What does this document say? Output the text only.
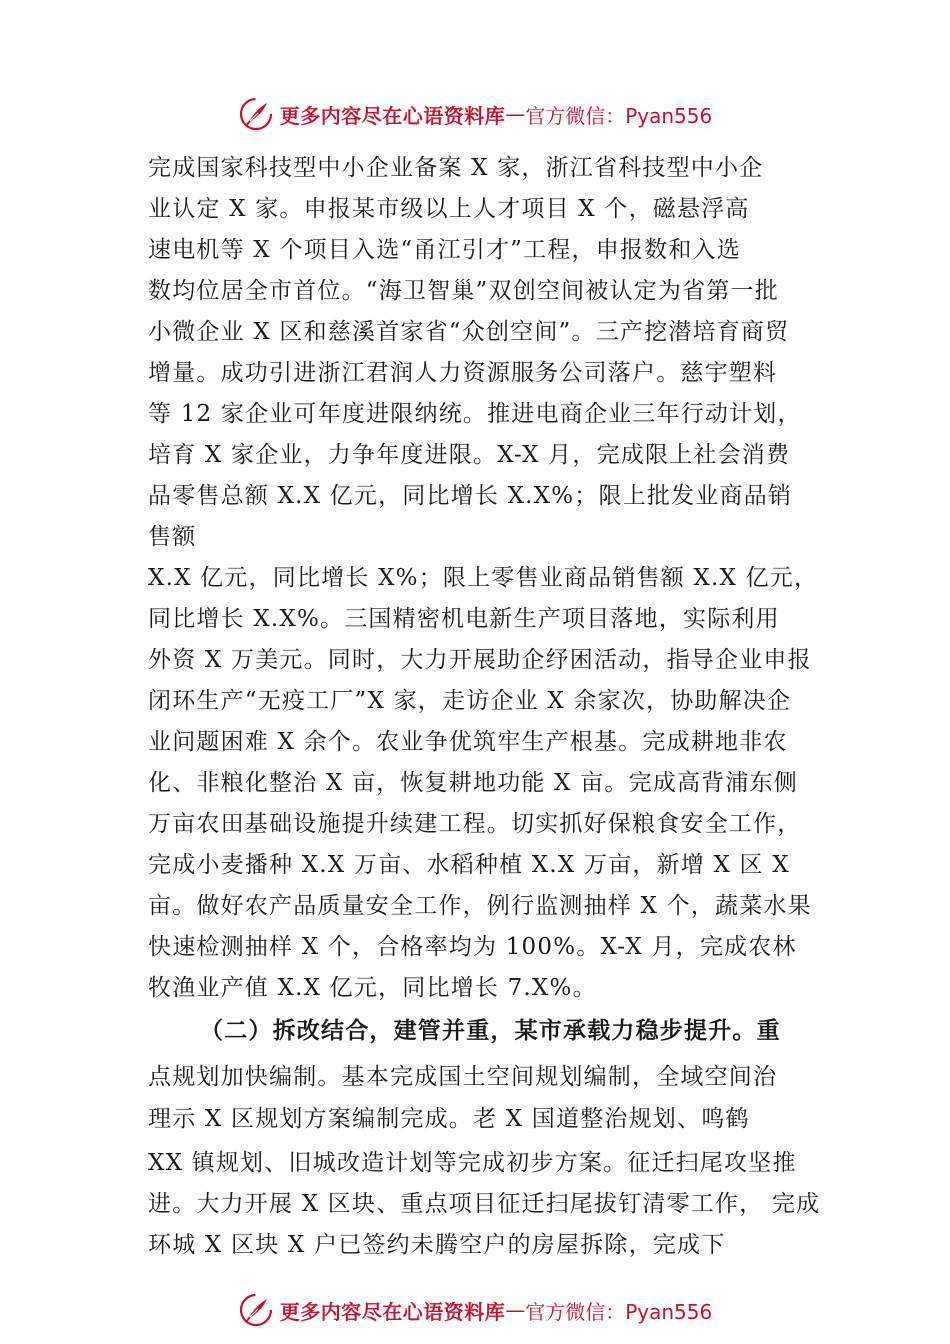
更多内容尽在心语资料库 — 官方微信：Pyan556
完成国家科技型中小企业备案 X 家，浙江省科技型中小企
业认定 X 家。申报某市级以上人才项目 X 个，磁悬浮高
速电机等 X 个项目入选“甬江引才”工程，申报数和入选
数均位居全市首位。“海卫智巢”双创空间被认定为省第一批
小微企业 X 区和慈溪首家省“众创空间”。三产挖潜培育商贸
增量。成功引进浙江君润人力资源服务公司落户。慈宇塑料
等 12 家企业可年度进限纳统。推进电商企业三年行动计划，
培育 X 家企业，力争年度进限。X-X 月，完成限上社会消费
品零售总额 X.X 亿元，同比增长 X.X%；限上批发业商品销
售额
X.X 亿元，同比增长 X%；限上零售业商品销售额 X.X 亿元，
同比增长 X.X%。三国精密机电新生产项目落地，实际利用
外资 X 万美元。同时，大力开展助企纾困活动，指导企业申报
闭环生产“无疫工厂”X 家，走访企业 X 余家次，协助解决企
业问题困难 X 余个。农业争优筑牢生产根基。完成耕地非农
化、非粮化整治 X 亩，恢复耕地功能 X 亩。完成高背浦东侧
万亩农田基础设施提升续建工程。切实抓好保粮食安全工作，
完成小麦播种 X.X 万亩、水稻种植 X.X 万亩，新增 X 区 X
亩。做好农产品质量安全工作，例行监测抽样 X 个，蔬菜水果
快速检测抽样 X 个，合格率均为 100%。X-X 月，完成农林
牧渔业产值 X.X 亿元，同比增长 7.X%。
（二）拆改结合，建管并重，某市承载力稳步提升。重
点规划加快编制。基本完成国土空间规划编制，全域空间治
理示 X 区规划方案编制完成。老 X 国道整治规划、鸣鹤
XX 镇规划、旧城改造计划等完成初步方案。征迁扫尾攻坚推
进。大力开展 X 区块、重点项目征迁扫尾拔钉清零工作， 完成
环城 X 区块 X 户已签约未腾空户的房屋拆除，完成下
更多内容尽在心语资料库 — 官方微信：Pyan556
